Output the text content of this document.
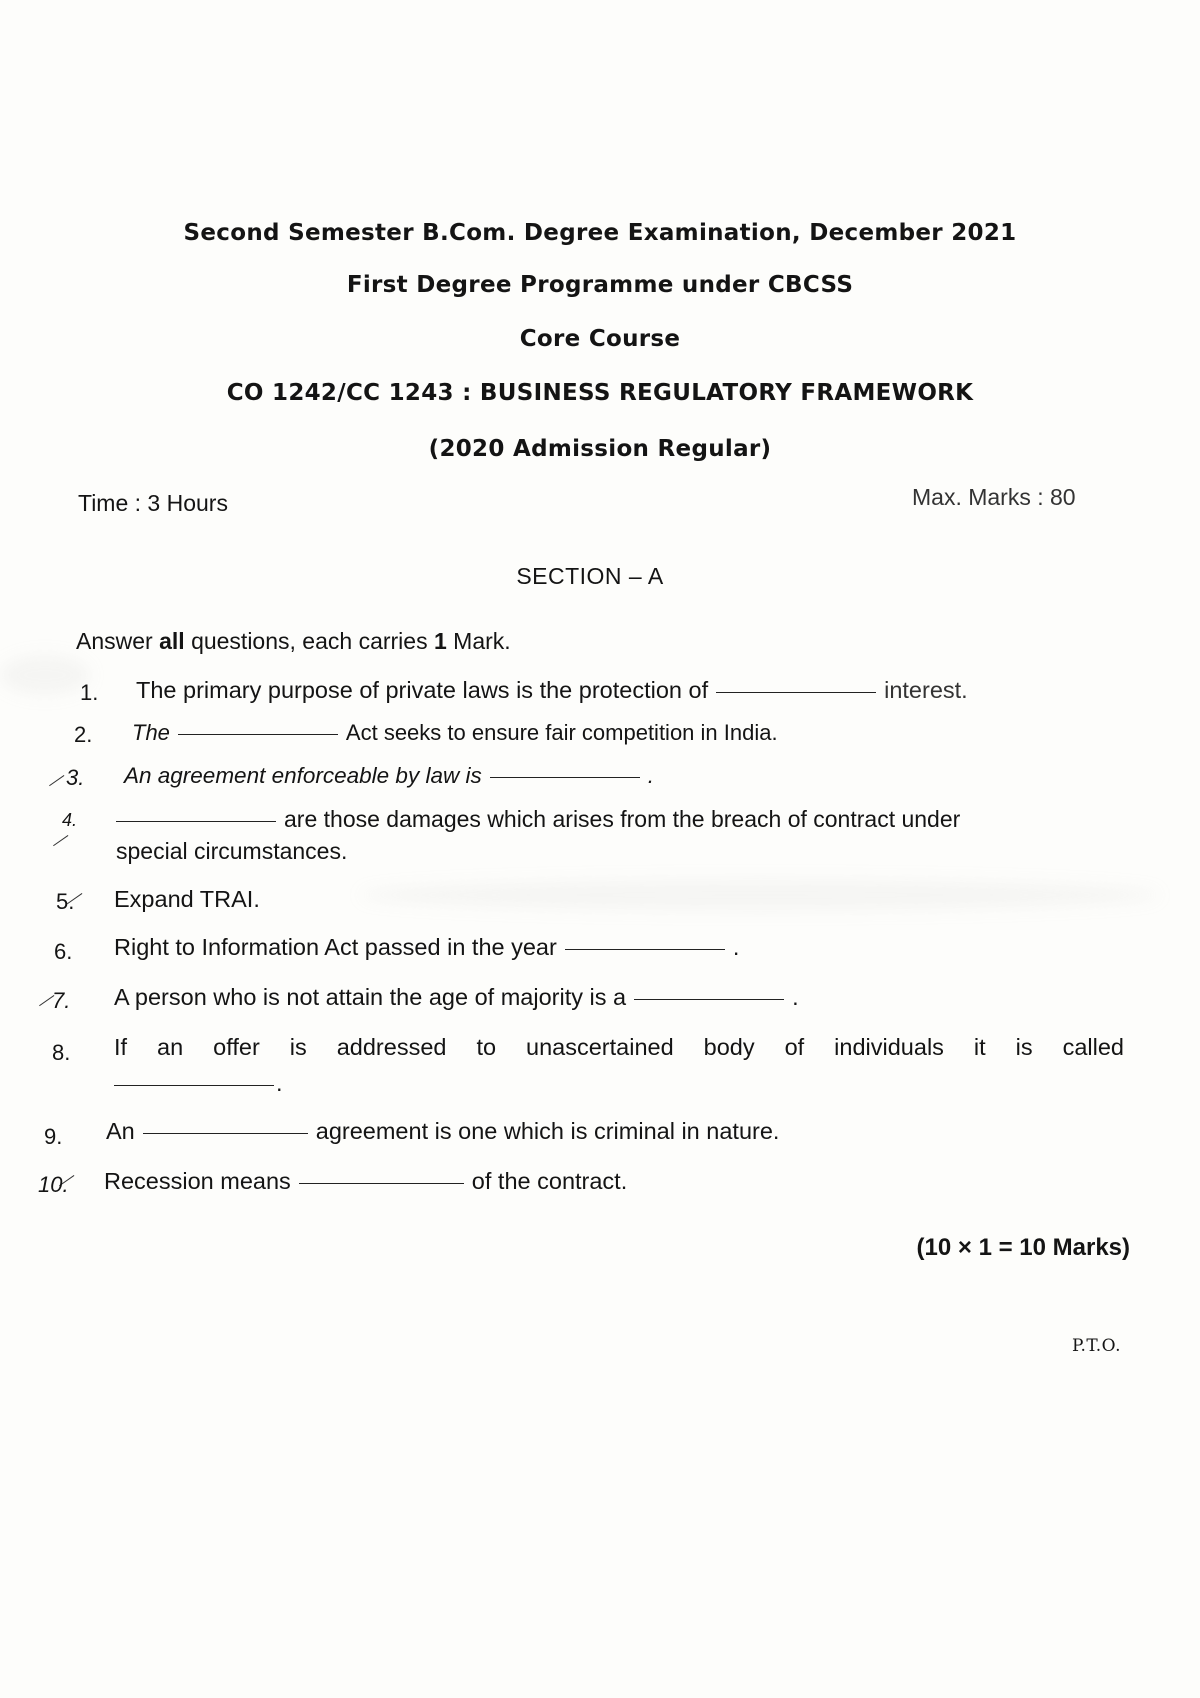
Second Semester B.Com. Degree Examination, December 2021
First Degree Programme under CBCSS
Core Course
CO 1242/CC 1243 : BUSINESS REGULATORY FRAMEWORK
(2020 Admission Regular)
Time : 3 Hours	Max. Marks : 80
SECTION – A
Answer all questions, each carries 1 Mark.
1. The primary purpose of private laws is the protection of	interest.
2. The	Act seeks to ensure fair competition in India.
3. An agreement enforceable by law is	.
4.	are those damages which arises from the breach of contract under
special circumstances.
5. Expand TRAI.
6. Right to Information Act passed in the year	.
7. A person who is not attain the age of majority is a	.
8. If an offer is addressed to unascertained body of individuals it is called
.
9. An	agreement is one which is criminal in nature.
10. Recession means	of the contract.
(10 × 1 = 10 Marks)
P.T.O.
